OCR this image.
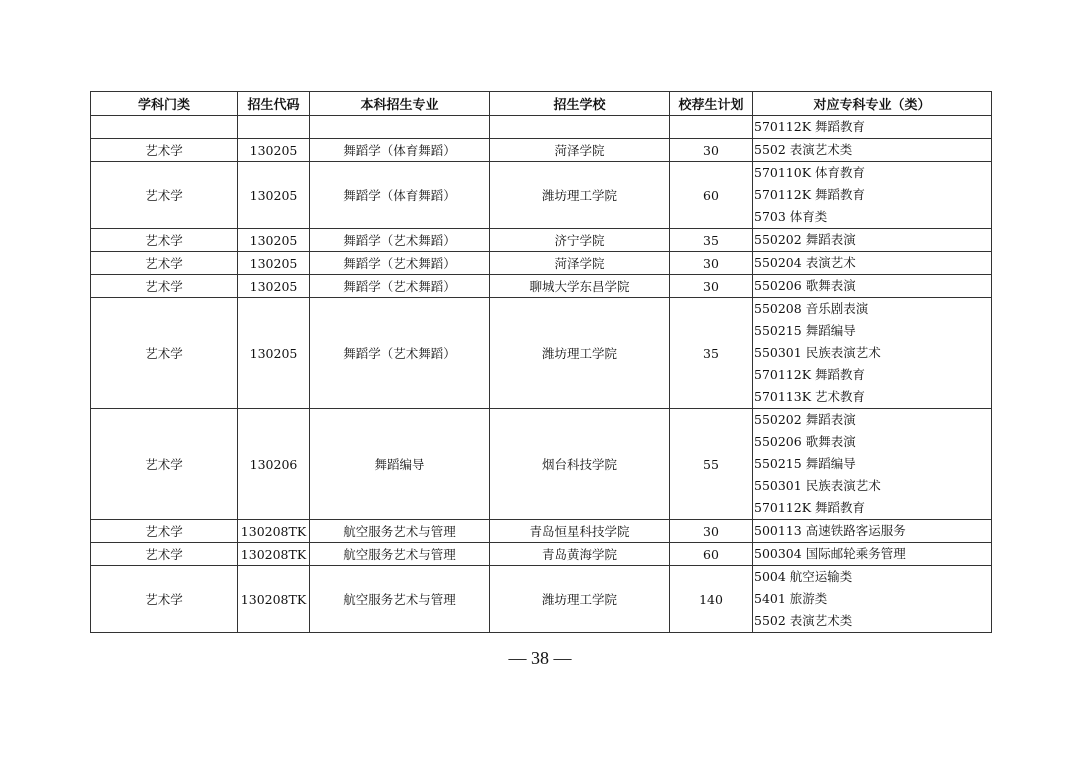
学科门类	招生代码	本科招生专业	招生学校	校荐生计划	对应专科专业（类）

					570112K 舞蹈教育

艺术学	130205	舞蹈学（体育舞蹈）	菏泽学院	30	5502 表演艺术类

艺术学	130205	舞蹈学（体育舞蹈）	潍坊理工学院	60	570110K 体育教育
570112K 舞蹈教育
5703 体育类

艺术学	130205	舞蹈学（艺术舞蹈）	济宁学院	35	550202 舞蹈表演

艺术学	130205	舞蹈学（艺术舞蹈）	菏泽学院	30	550204 表演艺术

艺术学	130205	舞蹈学（艺术舞蹈）	聊城大学东昌学院	30	550206 歌舞表演

艺术学	130205	舞蹈学（艺术舞蹈）	潍坊理工学院	35	550208 音乐剧表演
550215 舞蹈编导
550301 民族表演艺术
570112K 舞蹈教育
570113K 艺术教育

艺术学	130206	舞蹈编导	烟台科技学院	55	550202 舞蹈表演
550206 歌舞表演
550215 舞蹈编导
550301 民族表演艺术
570112K 舞蹈教育

艺术学	130208TK	航空服务艺术与管理	青岛恒星科技学院	30	500113 高速铁路客运服务

艺术学	130208TK	航空服务艺术与管理	青岛黄海学院	60	500304 国际邮轮乘务管理

艺术学	130208TK	航空服务艺术与管理	潍坊理工学院	140	5004 航空运输类
5401 旅游类
5502 表演艺术类
— 38 —
